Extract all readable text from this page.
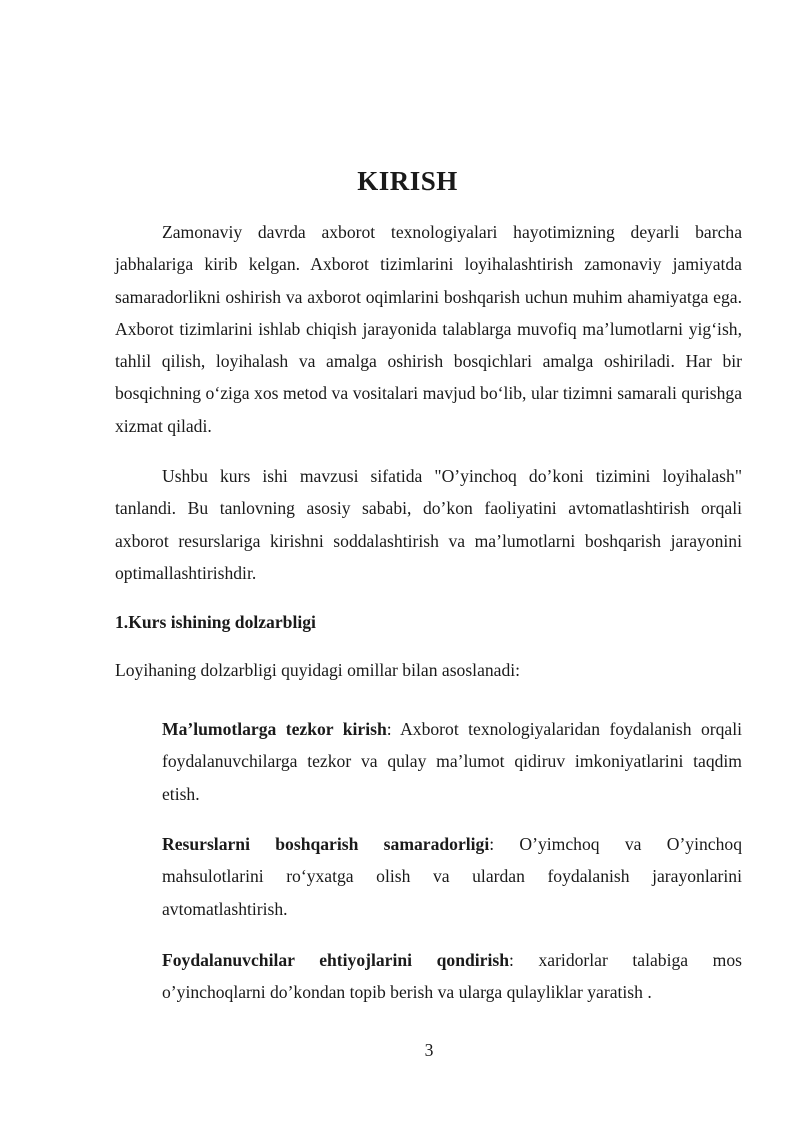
KIRISH

Zamonaviy davrda axborot texnologiyalari hayotimizning deyarli barcha jabhalariga kirib kelgan. Axborot tizimlarini loyihalashtirish zamonaviy jamiyatda samaradorlikni oshirish va axborot oqimlarini boshqarish uchun muhim ahamiyatga ega. Axborot tizimlarini ishlab chiqish jarayonida talablarga muvofiq ma’lumotlarni yig‘ish, tahlil qilish, loyihalash va amalga oshirish bosqichlari amalga oshiriladi. Har bir bosqichning o‘ziga xos metod va vositalari mavjud bo‘lib, ular tizimni samarali qurishga xizmat qiladi.

Ushbu kurs ishi mavzusi sifatida "O’yinchoq do’koni tizimini loyihalash" tanlandi. Bu tanlovning asosiy sababi, do’kon faoliyatini avtomatlashtirish orqali axborot resurslariga kirishni soddalashtirish va ma’lumotlarni boshqarish jarayonini optimallashtirishdir.

1.Kurs ishining dolzarbligi

Loyihaning dolzarbligi quyidagi omillar bilan asoslanadi:

Ma’lumotlarga tezkor kirish: Axborot texnologiyalaridan foydalanish orqali foydalanuvchilarga tezkor va qulay ma’lumot qidiruv imkoniyatlarini taqdim etish.

Resurslarni boshqarish samaradorligi: O’yimchoq va O’yinchoq mahsulotlarini ro‘yxatga olish va ulardan foydalanish jarayonlarini avtomatlashtirish.

Foydalanuvchilar ehtiyojlarini qondirish: xaridorlar talabiga mos o’yinchoqlarni do’kondan topib berish va ularga qulayliklar yaratish .

3
